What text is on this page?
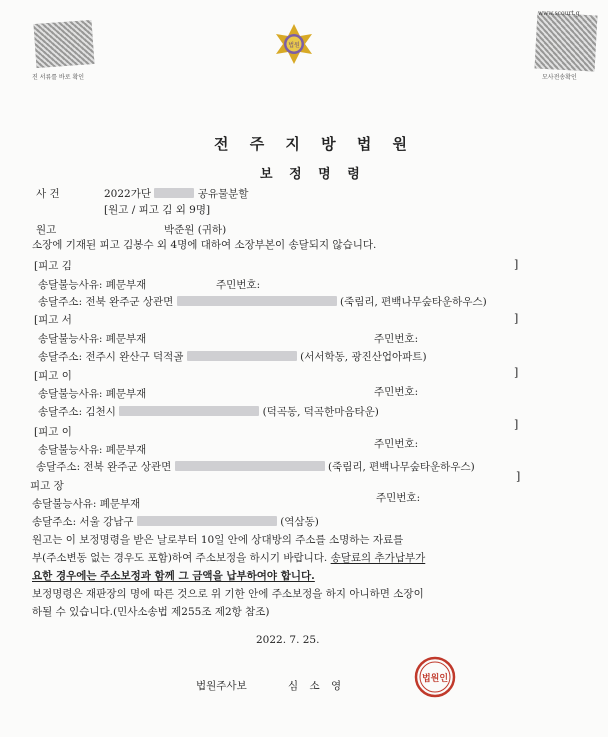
진 서류를 바로 확인
www.scourt.g
모사전송확인
법원
전 주 지 방 법 원
보 정 명 령
사 건	2022가단	공유물분할
[원고 / 피고 김 외 9명]
원고	박준원 (귀하)
소장에 기재된 피고 김봉수 외 4명에 대하여 소장부본이 송달되지 않습니다.
[피고 김	]
송달불능사유: 폐문부재	주민번호:
송달주소: 전북 완주군 상관면	(죽림리, 편백나무숲타운하우스)
[피고 서	]
송달불능사유: 폐문부재	주민번호:
송달주소: 전주시 완산구 덕적골	(서서학동, 광진산업아파트)
[피고 이	]
송달불능사유: 폐문부재	주민번호:
송달주소: 김천시	(덕곡동, 덕곡한마음타운)
[피고 이
]
송달불능사유: 폐문부재	주민번호:
송달주소: 전북 완주군 상관면	(죽림리, 편백나무숲타운하우스)
피고 장
]
송달불능사유: 폐문부재	주민번호:
송달주소: 서울 강남구	(역삼동)
원고는 이 보정명령을 받은 날로부터 10일 안에 상대방의 주소를 소명하는 자료를
부(주소변동 없는 경우도 포함)하여 주소보정을 하시기 바랍니다. 송달료의 추가납부가
요한 경우에는 주소보정과 함께 그 금액을 납부하여야 합니다.
보정명령은 재판장의 명에 따른 것으로 위 기한 안에 주소보정을 하지 아니하면 소장이
하될 수 있습니다.(민사소송법 제255조 제2항 참조)
2022. 7. 25.
법원주사보	심 소 영
법원인
